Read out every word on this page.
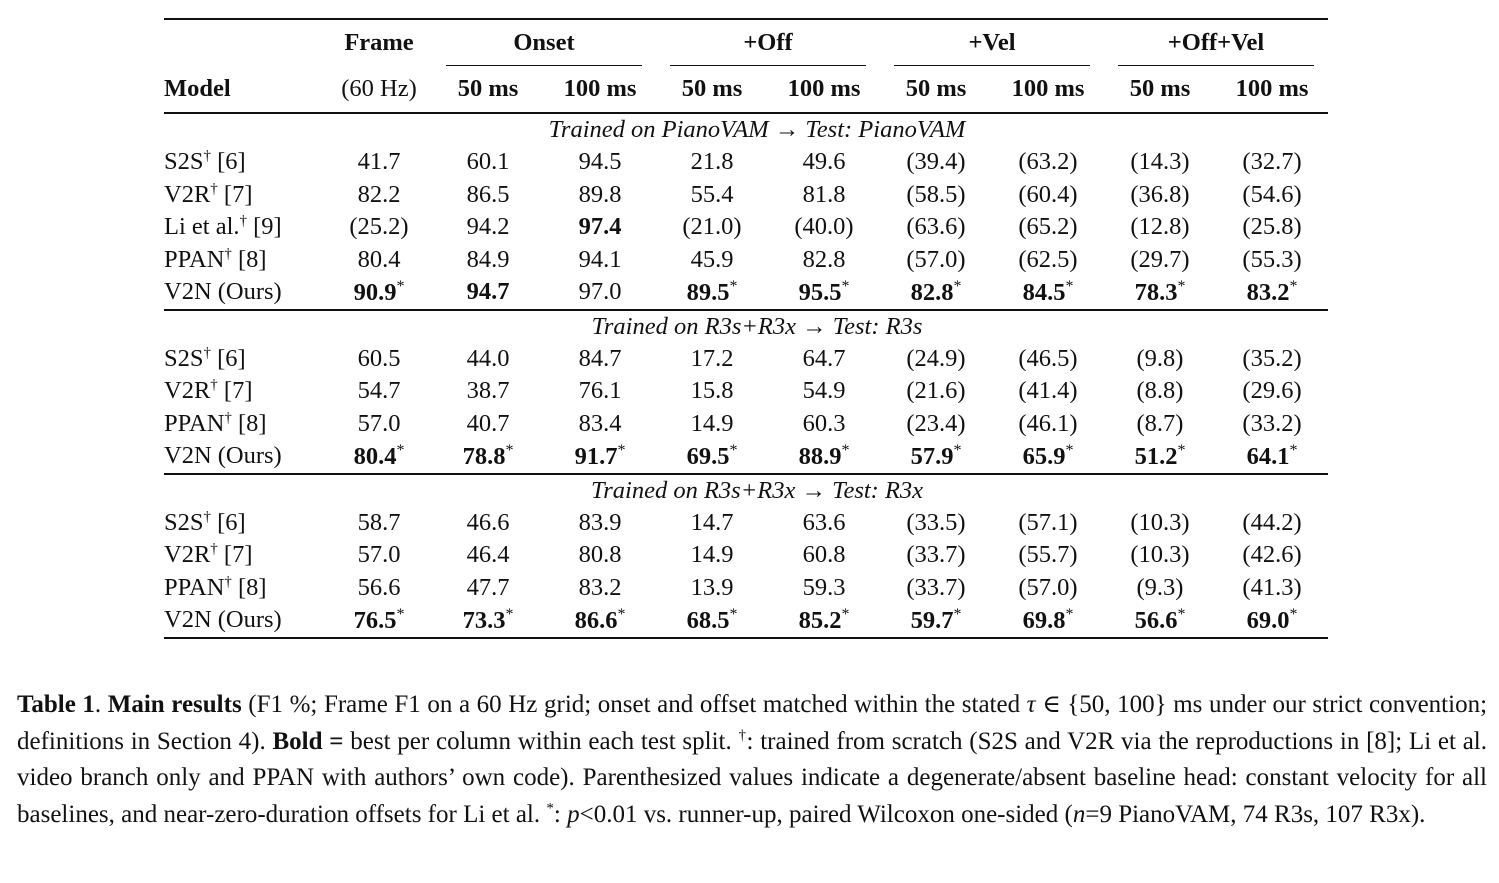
	Frame	Onset		+Off		+Vel		+Off+Vel	
Model	(60 Hz)	50 ms	100 ms	50 ms	100 ms	50 ms	100 ms	50 ms	100 ms
Trained on PianoVAM → Test: PianoVAM									
S2S† [6]	41.7	60.1	94.5	21.8	49.6	(39.4)	(63.2)	(14.3)	(32.7)
V2R† [7]	82.2	86.5	89.8	55.4	81.8	(58.5)	(60.4)	(36.8)	(54.6)
Li et al.† [9]	(25.2)	94.2	97.4	(21.0)	(40.0)	(63.6)	(65.2)	(12.8)	(25.8)
PPAN† [8]	80.4	84.9	94.1	45.9	82.8	(57.0)	(62.5)	(29.7)	(55.3)
V2N (Ours)	90.9*	94.7	97.0	89.5*	95.5*	82.8*	84.5*	78.3*	83.2*
Trained on R3s+R3x → Test: R3s									
S2S† [6]	60.5	44.0	84.7	17.2	64.7	(24.9)	(46.5)	(9.8)	(35.2)
V2R† [7]	54.7	38.7	76.1	15.8	54.9	(21.6)	(41.4)	(8.8)	(29.6)
PPAN† [8]	57.0	40.7	83.4	14.9	60.3	(23.4)	(46.1)	(8.7)	(33.2)
V2N (Ours)	80.4*	78.8*	91.7*	69.5*	88.9*	57.9*	65.9*	51.2*	64.1*
Trained on R3s+R3x → Test: R3x									
S2S† [6]	58.7	46.6	83.9	14.7	63.6	(33.5)	(57.1)	(10.3)	(44.2)
V2R† [7]	57.0	46.4	80.8	14.9	60.8	(33.7)	(55.7)	(10.3)	(42.6)
PPAN† [8]	56.6	47.7	83.2	13.9	59.3	(33.7)	(57.0)	(9.3)	(41.3)
V2N (Ours)	76.5*	73.3*	86.6*	68.5*	85.2*	59.7*	69.8*	56.6*	69.0*
Table 1. Main results (F1 %; Frame F1 on a 60 Hz grid; onset and offset matched within the stated τ ∈ {50, 100} ms under our strict convention; definitions in Section 4). Bold = best per column within each test split. †: trained from scratch (S2S and V2R via the reproductions in [8]; Li et al. video branch only and PPAN with authors’ own code). Parenthesized values indicate a degenerate/absent baseline head: constant velocity for all baselines, and near-zero-duration offsets for Li et al. *: p<0.01 vs. runner-up, paired Wilcoxon one-sided (n=9 PianoVAM, 74 R3s, 107 R3x).
